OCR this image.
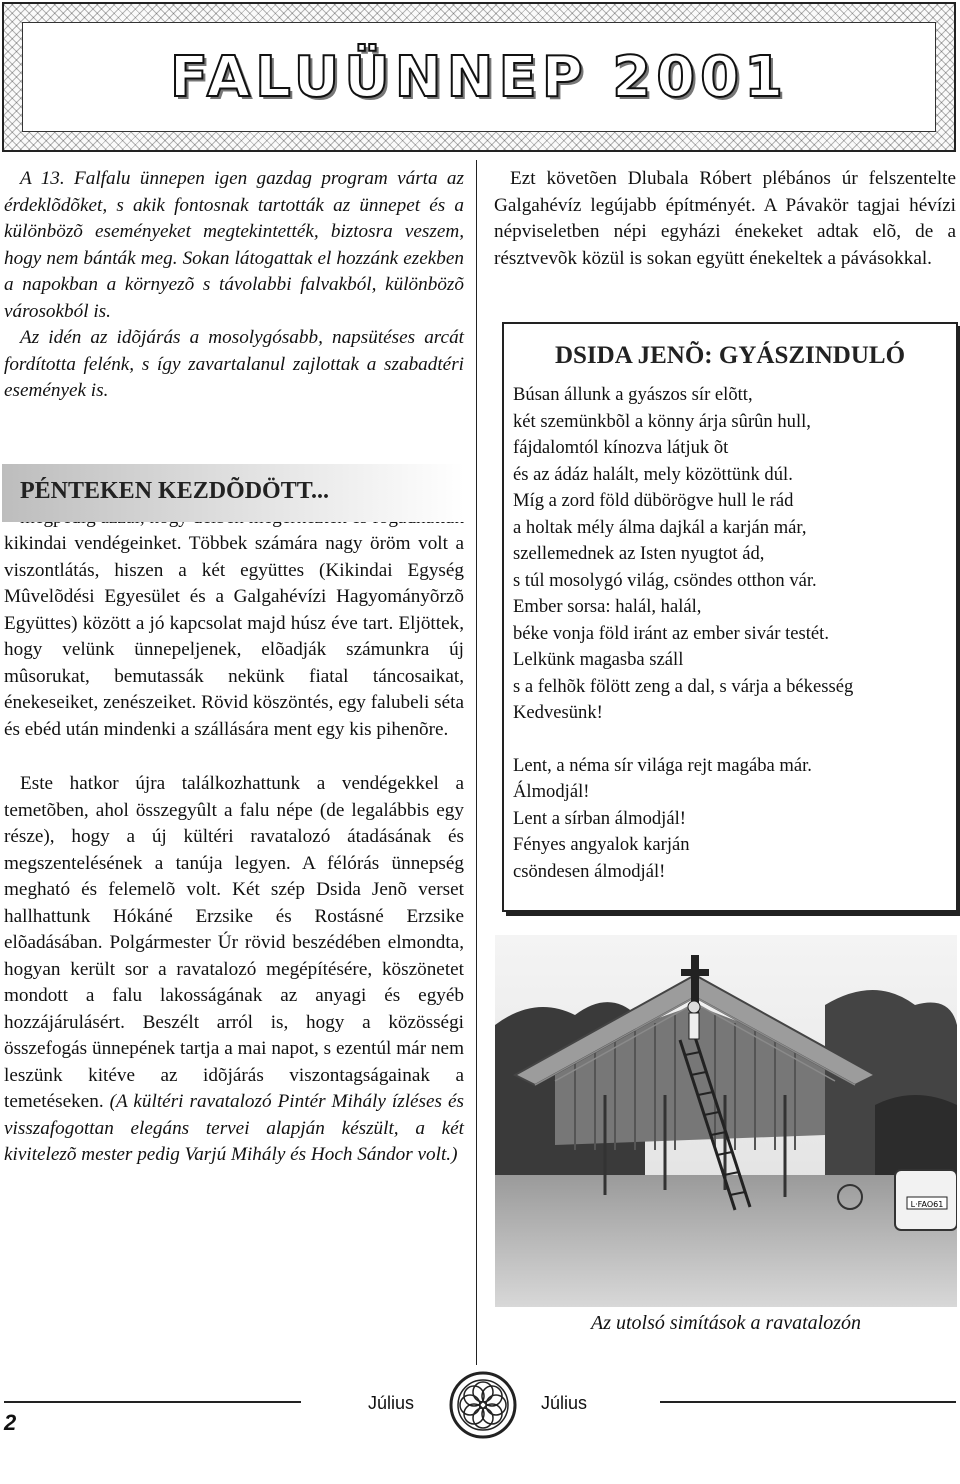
FALUÜNNEP 2001

A 13. Falfalu ünnepen igen gazdag program várta az érdeklõdõket, s akik fontosnak tartották az ünnepet és a különbözõ eseményeket megtekintették, biztosra veszem, hogy nem bánták meg. Sokan látogattak el hozzánk ezekben a napokban a környezõ s távolabbi falvakból, különbözõ városokból is.

Az idén az idõjárás a mosolygósabb, napsütéses arcát fordította felénk, s így zavartalanul zajlottak a szabadtéri események is.

PÉNTEKEN KEZDÕDÖTT...

kikindai vendégeinket. Többek számára nagy öröm volt a viszontlátás, hiszen a két együttes (Kikindai Egység Mûvelõdési Egyesület és a Galgahévízi Hagyományõrzõ Együttes) között a jó kapcsolat majd húsz éve tart. Eljöttek, hogy velünk ünnepeljenek, elõadják számunkra új mûsorukat, bemutassák nekünk fiatal táncosaikat, énekeseiket, zenészeiket. Rövid köszöntés, egy falubeli séta és ebéd után mindenki a szállására ment egy kis pihenõre.

Este hatkor újra találkozhattunk a vendégekkel a temetõben, ahol összegyûlt a falu népe (de legalábbis egy része), hogy a új kültéri ravatalozó átadásának és megszentelésének a tanúja legyen. A félórás ünnepség megható és felemelõ volt. Két szép Dsida Jenõ verset hallhattunk Hókáné Erzsike és Rostásné Erzsike elõadásában. Polgármester Úr rövid beszédében elmondta, hogyan került sor a ravatalozó megépítésére, köszönetet mondott a falu lakosságának az anyagi és egyéb hozzájárulásért. Beszélt arról is, hogy a közösségi összefogás ünnepének tartja a mai napot, s ezentúl már nem leszünk kitéve az idõjárás viszontagságainak a temetéseken. (A kültéri ravatalozó Pintér Mihály ízléses és visszafogottan elegáns tervei alapján készült, a két kivitelezõ mester pedig Varjú Mihály és Hoch Sándor volt.)

Ezt követõen Dlubala Róbert plébános úr felszentelte Galgahévíz legújabb építményét. A Pávakör tagjai hévízi népviseletben népi egyházi énekeket adtak elõ, de a résztvevõk közül is sokan együtt énekeltek a pávásokkal.

DSIDA JENÕ: GYÁSZINDULÓ
Búsan állunk a gyászos sír elõtt,
két szemünkbõl a könny árja sûrûn hull,
fájdalomtól kínozva látjuk õt
és az ádáz halált, mely közöttünk dúl.
Míg a zord föld dübörögve hull le rád
a holtak mély álma dajkál a karján már,
szellemednek az Isten nyugtot ád,
s túl mosolygó világ, csöndes otthon vár.
Ember sorsa: halál, halál,
béke vonja föld iránt az ember sivár testét.
Lelkünk magasba száll
s a felhõk fölött zeng a dal, s várja a békesség
Kedvesünk!
Lent, a néma sír világa rejt magába már.
Álmodjál!
Lent a sírban álmodjál!
Fényes angyalok karján
csöndesen álmodjál!
L·FAO61
Az utolsó simítások a ravatalozón
Július	Július
2
